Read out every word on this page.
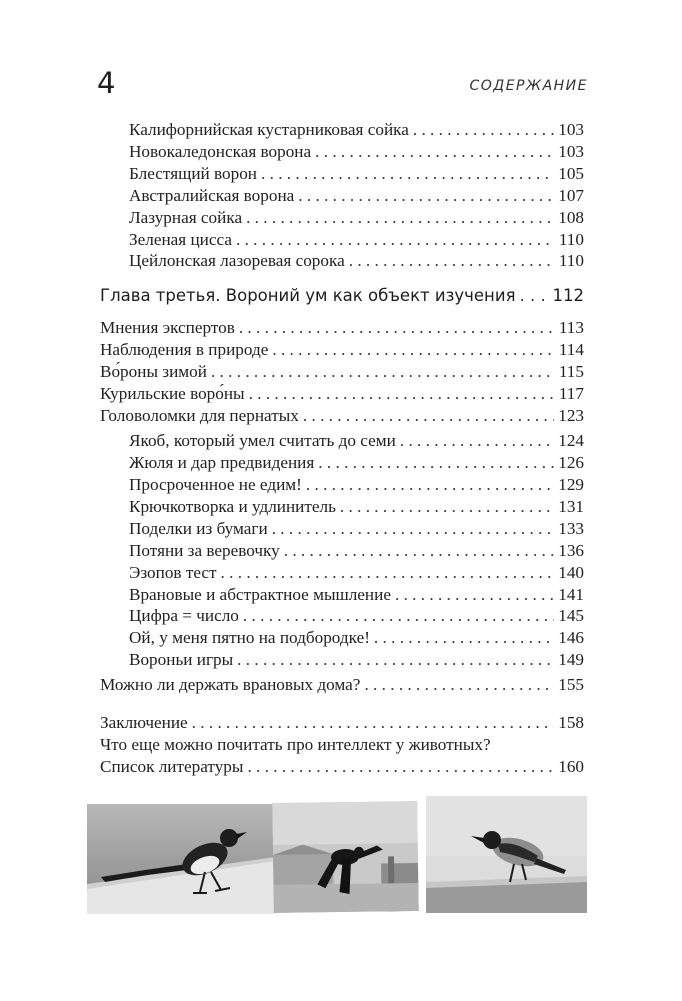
4	СОДЕРЖАНИЕ
Калифорнийская кустарниковая сойка . . .	103
Новокаледонская ворона . . .	103
Блестящий ворон . . .	105
Австралийская ворона . . .	107
Лазурная сойка . . .	108
Зеленая цисса . . .	110
Цейлонская лазоревая сорока . . .	110
Глава третья. Вороний ум как объект изучения . . . 112
Мнения экспертов . . .	113
Наблюдения в природе . . .	114
Во́роны зимой . . .	115
Курильские воро́ны . . .	117
Головоломки для пернатых . . .	123
Якоб, который умел считать до семи . . .	124
Жюля и дар предвидения . . .	126
Просроченное не едим! . . .	129
Крючкотворка и удлинитель . . .	131
Поделки из бумаги . . .	133
Потяни за веревочку . . .	136
Эзопов тест . . .	140
Врановые и абстрактное мышление . . .	141
Цифра = число . . .	145
Ой, у меня пятно на подбородке! . . .	146
Вороньи игры . . .	149
Можно ли держать врановых дома? . . .	155
Заключение . . .	158
Что еще можно почитать про интеллект у животных?
Список литературы . . .	160
